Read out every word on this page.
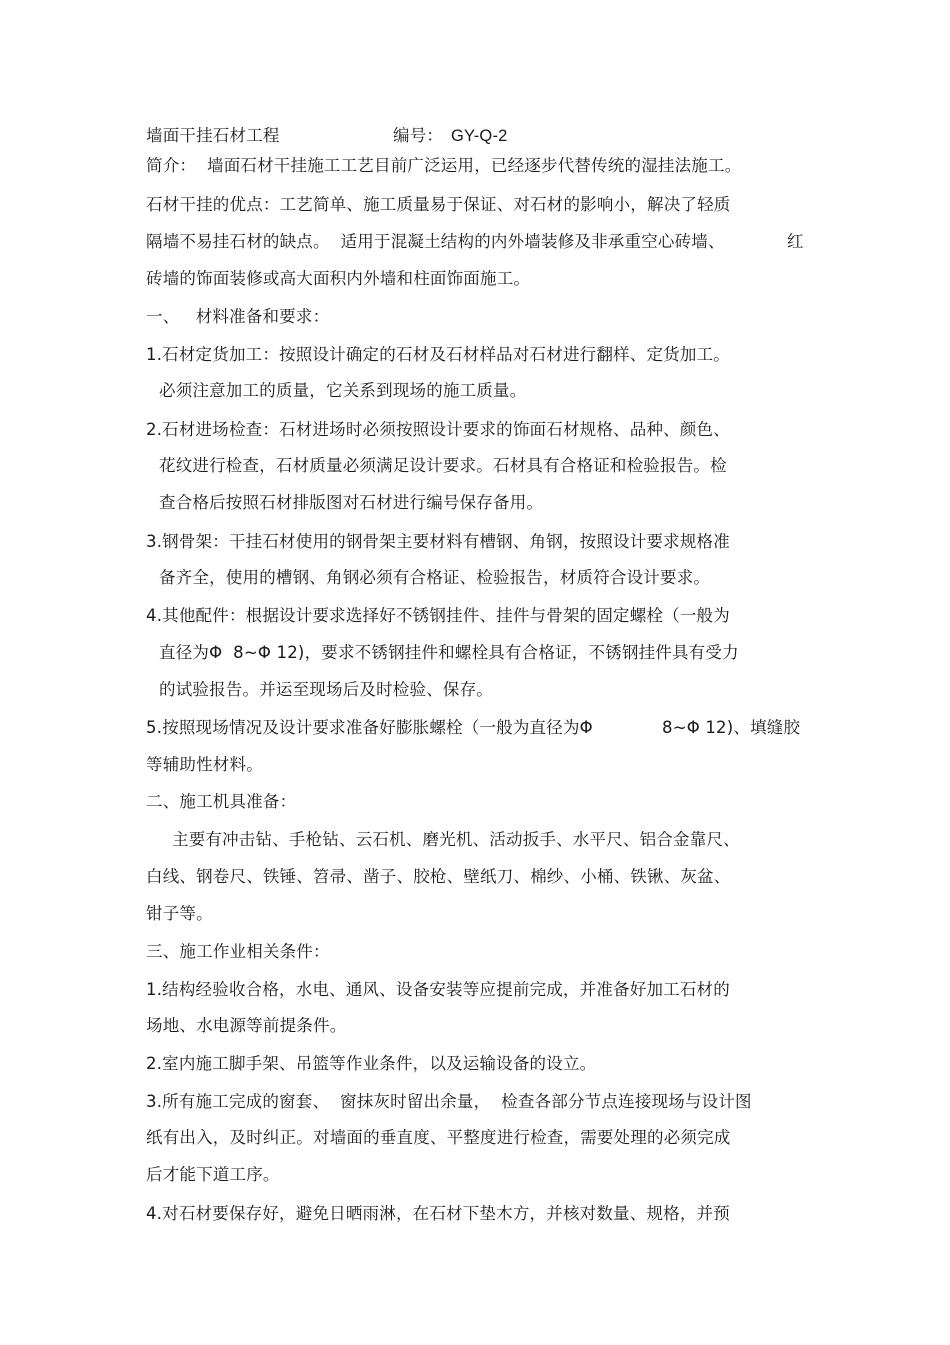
墙面干挂石材工程	编号： GY-Q-2
简介：  墙面石材干挂施工工艺目前广泛运用，已经逐步代替传统的湿挂法施工。
石材干挂的优点：工艺简单、施工质量易于保证、对石材的影响小，解决了轻质
隔墙不易挂石材的缺点。  适用于混凝土结构的内外墙装修及非承重空心砖墙、	红
砖墙的饰面装修或高大面积内外墙和柱面饰面施工。
一、   材料准备和要求：
1.石材定货加工：按照设计确定的石材及石材样品对石材进行翻样、定货加工。
必须注意加工的质量，它关系到现场的施工质量。
2.石材进场检查：石材进场时必须按照设计要求的饰面石材规格、品种、颜色、
花纹进行检查，石材质量必须满足设计要求。石材具有合格证和检验报告。检
查合格后按照石材排版图对石材进行编号保存备用。
3.钢骨架：干挂石材使用的钢骨架主要材料有槽钢、角钢，按照设计要求规格准
备齐全，使用的槽钢、角钢必须有合格证、检验报告，材质符合设计要求。
4.其他配件：根据设计要求选择好不锈钢挂件、挂件与骨架的固定螺栓（一般为
直径为Φ  8~Φ 12)，要求不锈钢挂件和螺栓具有合格证，不锈钢挂件具有受力
的试验报告。并运至现场后及时检验、保存。
5.按照现场情况及设计要求准备好膨胀螺栓（一般为直径为Φ	8~Φ 12)、填缝胶
等辅助性材料。
二、施工机具准备：
主要有冲击钻、手枪钻、云石机、磨光机、活动扳手、水平尺、铝合金靠尺、
白线、钢卷尺、铁锤、笤帚、凿子、胶枪、壁纸刀、棉纱、小桶、铁锹、灰盆、
钳子等。
三、施工作业相关条件：
1.结构经验收合格，水电、通风、设备安装等应提前完成，并准备好加工石材的
场地、水电源等前提条件。
2.室内施工脚手架、吊篮等作业条件，以及运输设备的设立。
3.所有施工完成的窗套、  窗抹灰时留出余量，  检查各部分节点连接现场与设计图
纸有出入，及时纠正。对墙面的垂直度、平整度进行检查，需要处理的必须完成
后才能下道工序。
4.对石材要保存好，避免日晒雨淋，在石材下垫木方，并核对数量、规格，并预
